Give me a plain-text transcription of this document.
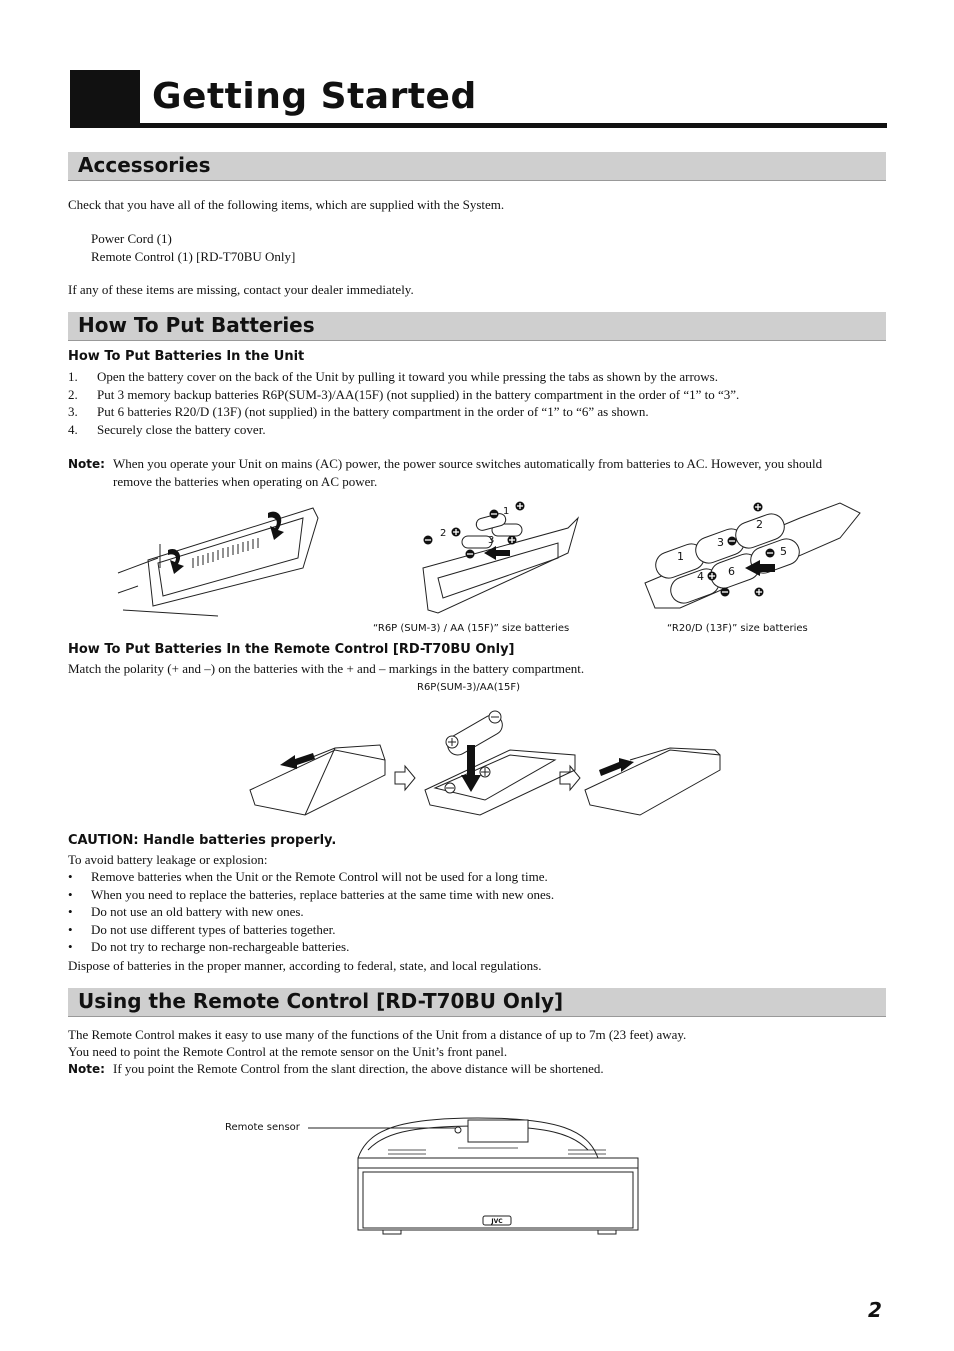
Getting Started
Accessories
Check that you have all of the following items, which are supplied with the System.
Power Cord (1)
Remote Control (1) [RD-T70BU Only]
If any of these items are missing, contact your dealer immediately.
How To Put Batteries
How To Put Batteries In the Unit
1. Open the battery cover on the back of the Unit by pulling it toward you while pressing the tabs as shown by the arrows.
2. Put 3 memory backup batteries R6P(SUM-3)/AA(15F) (not supplied) in the battery compartment in the order of “1” to “3”.
3. Put 6 batteries R20/D (13F) (not supplied) in the battery compartment in the order of “1” to “6” as shown.
4. Securely close the battery cover.
Note: When you operate your Unit on mains (AC) power, the power source switches automatically from batteries to AC. However, you should
remove the batteries when operating on AC power.
2
3
1
“R6P (SUM-3) / AA (15F)” size batteries
1
2
3
4
5
6
“R20/D (13F)” size batteries
How To Put Batteries In the Remote Control [RD-T70BU Only]
Match the polarity (+ and –) on the batteries with the + and – markings in the battery compartment.
R6P(SUM-3)/AA(15F)
CAUTION: Handle batteries properly.
To avoid battery leakage or explosion:
• Remove batteries when the Unit or the Remote Control will not be used for a long time.
• When you need to replace the batteries, replace batteries at the same time with new ones.
• Do not use an old battery with new ones.
• Do not use different types of batteries together.
• Do not try to recharge non-rechargeable batteries.
Dispose of batteries in the proper manner, according to federal, state, and local regulations.
Using the Remote Control [RD-T70BU Only]
The Remote Control makes it easy to use many of the functions of the Unit from a distance of up to 7m (23 feet) away.
You need to point the Remote Control at the remote sensor on the Unit’s front panel.
Note: If you point the Remote Control from the slant direction, the above distance will be shortened.
Remote sensor
JVC
2
